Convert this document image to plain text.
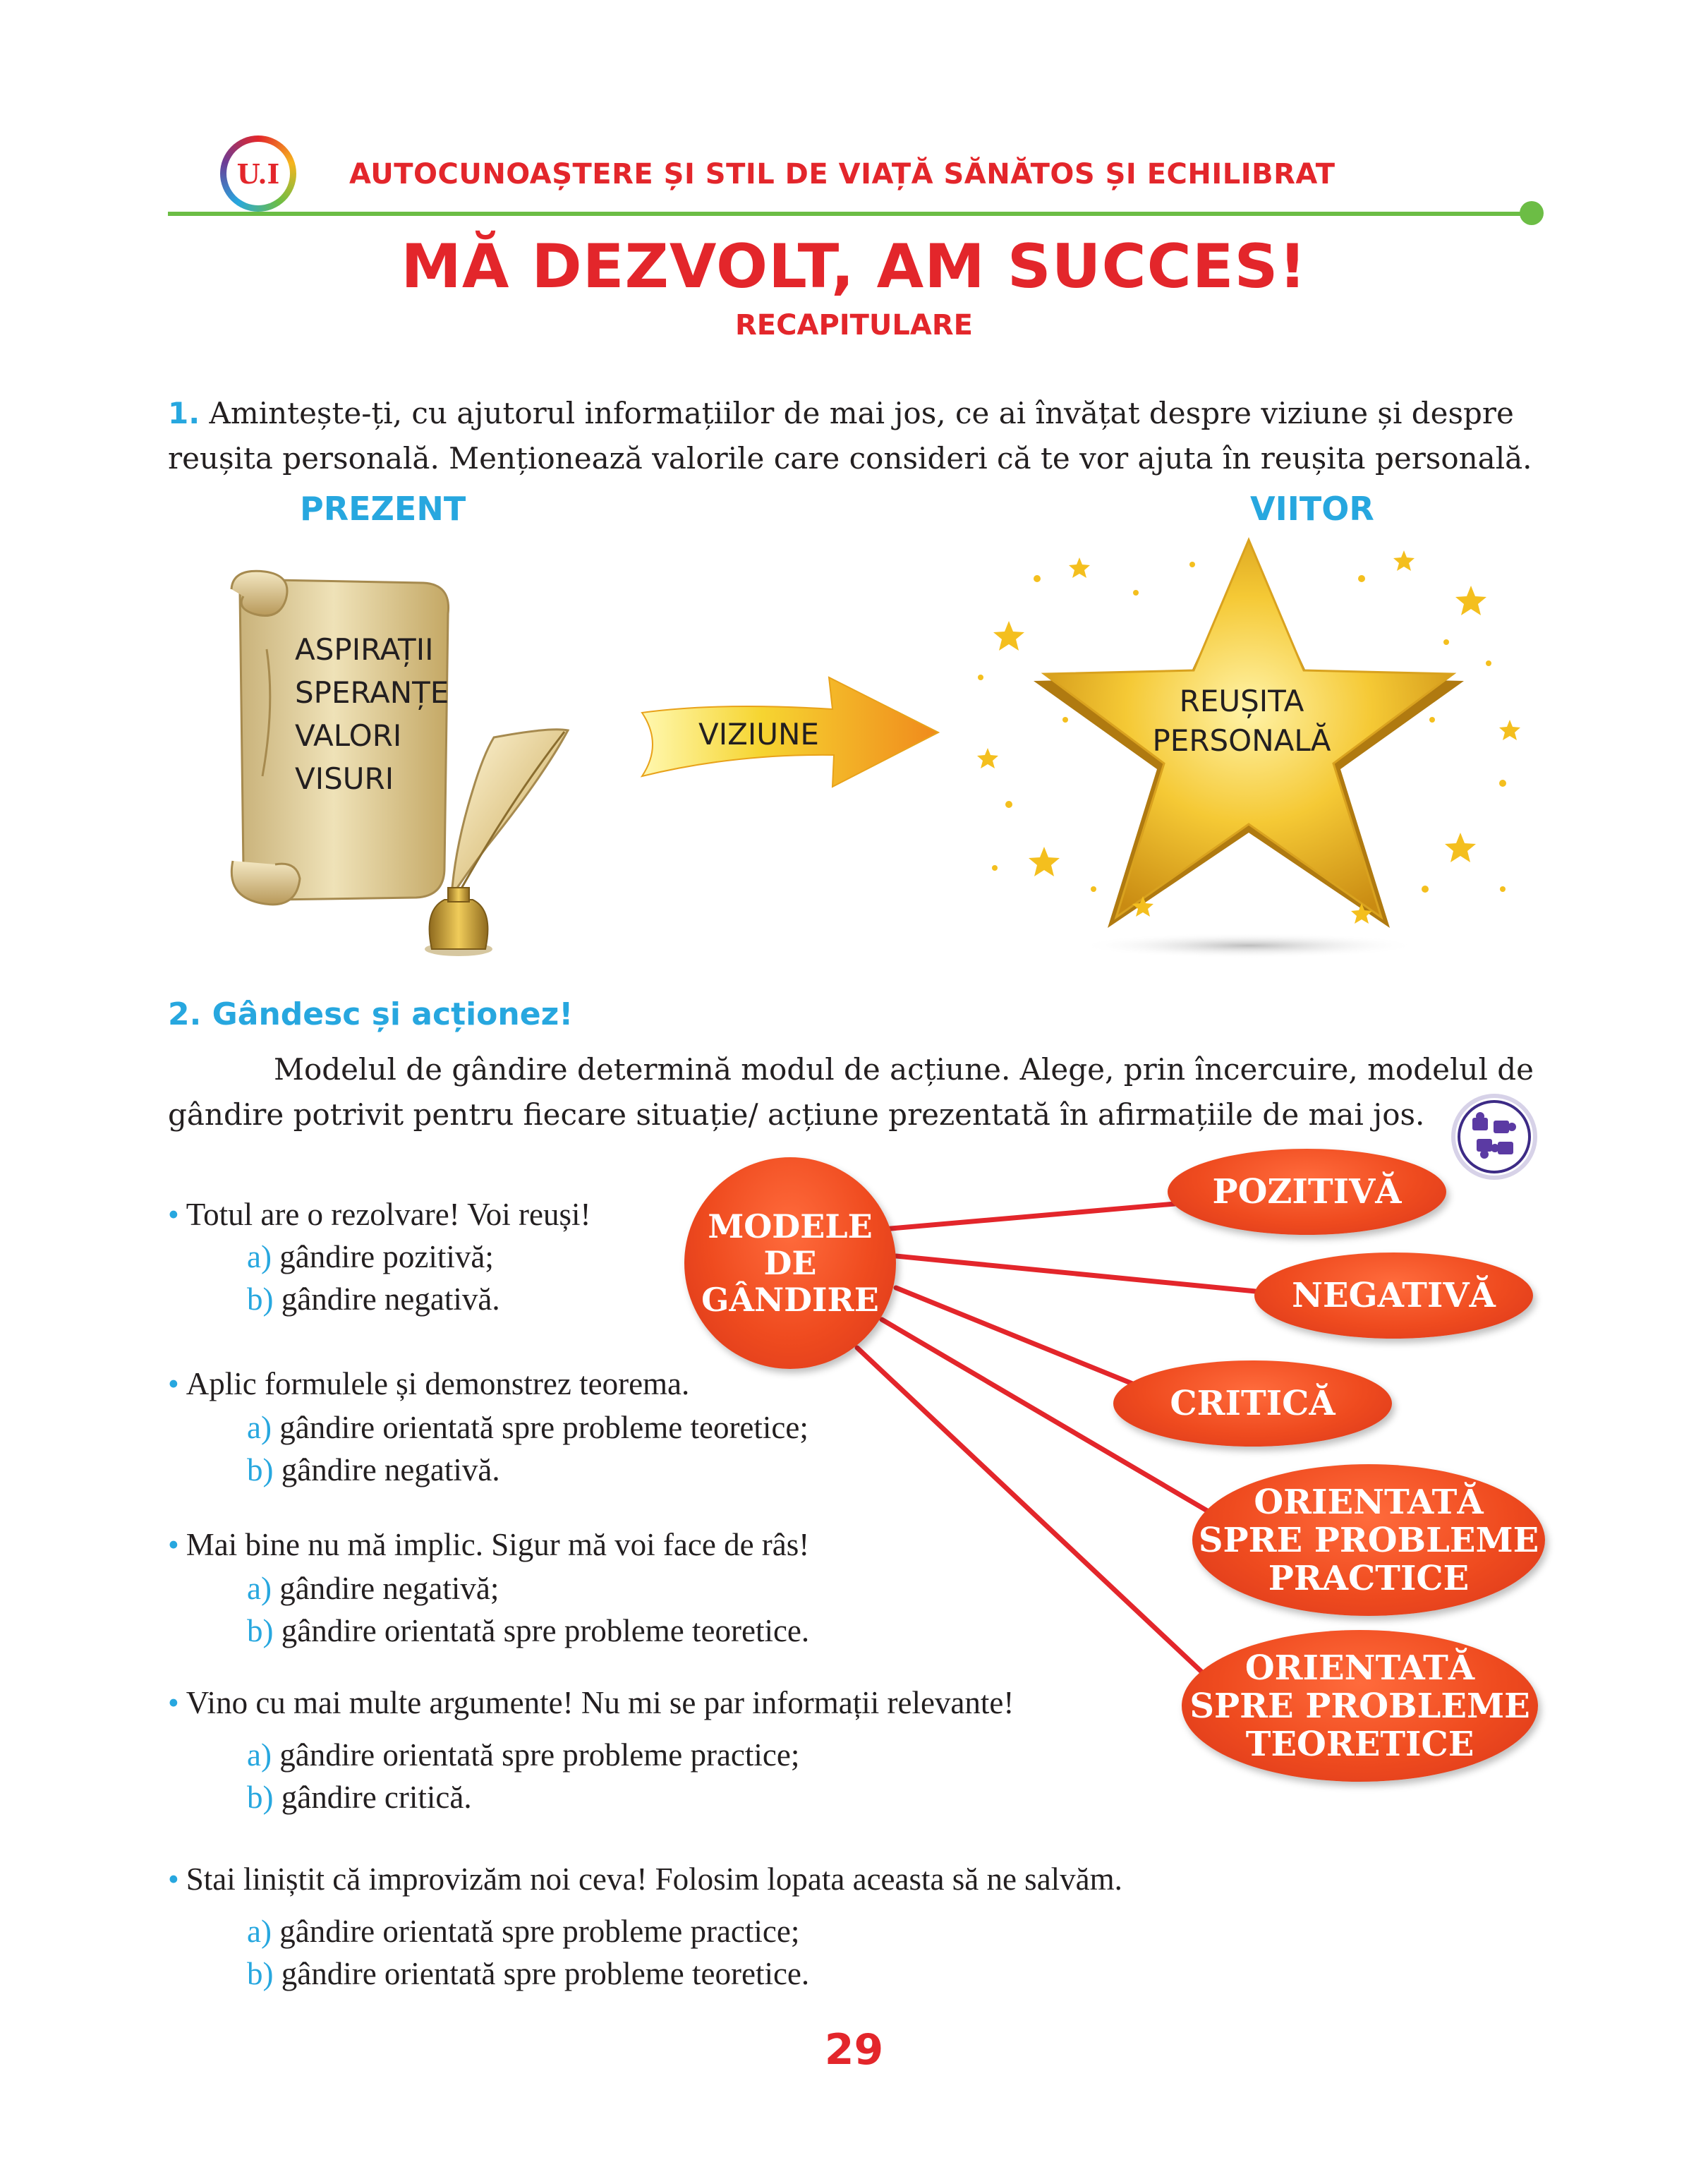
U.I	AUTOCUNOAȘTERE ȘI STIL DE VIAȚĂ SĂNĂTOS ȘI ECHILIBRAT
MĂ DEZVOLT, AM SUCCES!
RECAPITULARE
1. Amintește-ți, cu ajutorul informațiilor de mai jos, ce ai învățat despre viziune și despre reușita personală. Menționează valorile care consideri că te vor ajuta în reușita personală.
PREZENT	VIITOR
ASPIRAȚII
SPERANȚE
VALORI
VISURI
VIZIUNE
REUȘITA
PERSONALĂ
2. Gândesc și acționez!
Modelul de gândire determină modul de acțiune. Alege, prin încercuire, modelul de gândire potrivit pentru fiecare situație/ acțiune prezentată în afirmațiile de mai jos.
• Totul are o rezolvare! Voi reuși!
a) gândire pozitivă;
b) gândire negativă.
• Aplic formulele și demonstrez teorema.
a) gândire orientată spre probleme teoretice;
b) gândire negativă.
• Mai bine nu mă implic. Sigur mă voi face de râs!
a) gândire negativă;
b) gândire orientată spre probleme teoretice.
• Vino cu mai multe argumente! Nu mi se par informații relevante!
a) gândire orientată spre probleme practice;
b) gândire critică.
• Stai liniștit că improvizăm noi ceva! Folosim lopata aceasta să ne salvăm.
a) gândire orientată spre probleme practice;
b) gândire orientată spre probleme teoretice.
MODELE
DE
GÂNDIRE
POZITIVĂ
NEGATIVĂ
CRITICĂ
ORIENTATĂ
SPRE PROBLEME
PRACTICE
ORIENTATĂ
SPRE PROBLEME
TEORETICE
29
